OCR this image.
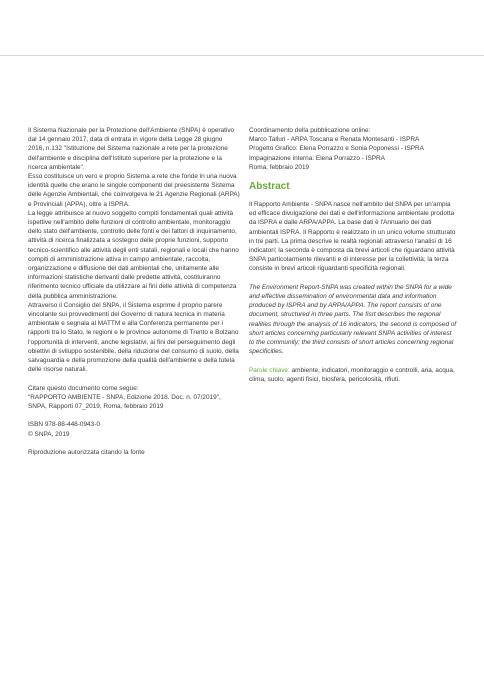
Il Sistema Nazionale per la Protezione dell'Ambiente (SNPA) è operativo dal 14 gennaio 2017, data di entrata in vigore della Legge 28 giugno 2016, n.132 "Istituzione del Sistema nazionale a rete per la protezione dell'ambiente e disciplina dell'Istituto superiore per la protezione e la ricerca ambientale".

Esso costituisce un vero e proprio Sistema a rete che fonde in una nuova identità quelle che erano le singole componenti del preesistente Sistema delle Agenzie Ambientali, che coinvolgeva le 21 Agenzie Regionali (ARPA) e Provinciali (APPA), oltre a ISPRA.

La legge attribuisce al nuovo soggetto compiti fondamentali quali attività ispettive nell'ambito delle funzioni di controllo ambientale, monitoraggio dello stato dell'ambiente, controllo delle fonti e dei fattori di inquinamento, attività di ricerca finalizzata a sostegno delle proprie funzioni, supporto tecnico-scientifico alle attività degli enti statali, regionali e locali che hanno compiti di amministrazione attiva in campo ambientale, raccolta, organizzazione e diffusione dei dati ambientali che, unitamente alle informazioni statistiche derivanti dalle predette attività, costituiranno riferimento tecnico ufficiale da utilizzare ai fini delle attività di competenza della pubblica amministrazione.

Attraverso il Consiglio del SNPA, il Sistema esprime il proprio parere vincolante sui provvedimenti del Governo di natura tecnica in materia ambientale e segnala al MATTM e alla Conferenza permanente per i rapporti tra lo Stato, le regioni e le province autonome di Trento e Bolzano l'opportunità di interventi, anche legislativi, ai fini del perseguimento degli obiettivi di sviluppo sostenibile, della riduzione del consumo di suolo, della salvaguardia e della promozione della qualità dell'ambiente e della tutela delle risorse naturali.

Citare questo documento come segue:

"RAPPORTO AMBIENTE - SNPA, Edizione 2018. Doc. n. 07/2019", SNPA, Rapporti 07_2019, Roma, febbraio 2019

ISBN 978-88-448-0943-0

© SNPA, 2019

Riproduzione autorizzata citando la fonte

Coordinamento della pubblicazione online:

Marco Talluri - ARPA Toscana e Renata Montesanti - ISPRA

Progetto Grafico: Elena Porrazzo e Sonia Poponessi - ISPRA

Impaginazione interna: Elena Porrazzo - ISPRA

Roma, febbraio 2019

Abstract

Il Rapporto Ambiente - SNPA nasce nell'ambito del SNPA per un'ampia ed efficace divulgazione dei dati e dell'informazione ambientale prodotta da ISPRA e dalle ARPA/APPA. La base dati è l'Annuario dei dati ambientali ISPRA. Il Rapporto è realizzato in un unico volume strutturato in tre parti. La prima descrive le realtà regionali attraverso l'analisi di 16 indicatori; la seconda è composta da brevi articoli che riguardano attività SNPA particolarmente rilevanti e di interesse per la collettività; la terza consiste in brevi articoli riguardanti specificità regionali.

The Environment Report-SNPA was created within the SNPA for a wide and effective dissemination of environmental data and information produced by ISPRA and by ARPA/APPA. The report consists of one document, structured in three parts. The fisrt describes the regional realities through the analysis of 16 indicators; the second is composed of short articles concerning particularly relevant SNPA activities of interest to the community; the third consists of short articles concerning regional specificities.

Parole chiave: ambiente, indicatori, monitoraggio e controlli, aria, acqua, clima, suolo, agenti fisici, biosfera, pericolosità, rifiuti.
